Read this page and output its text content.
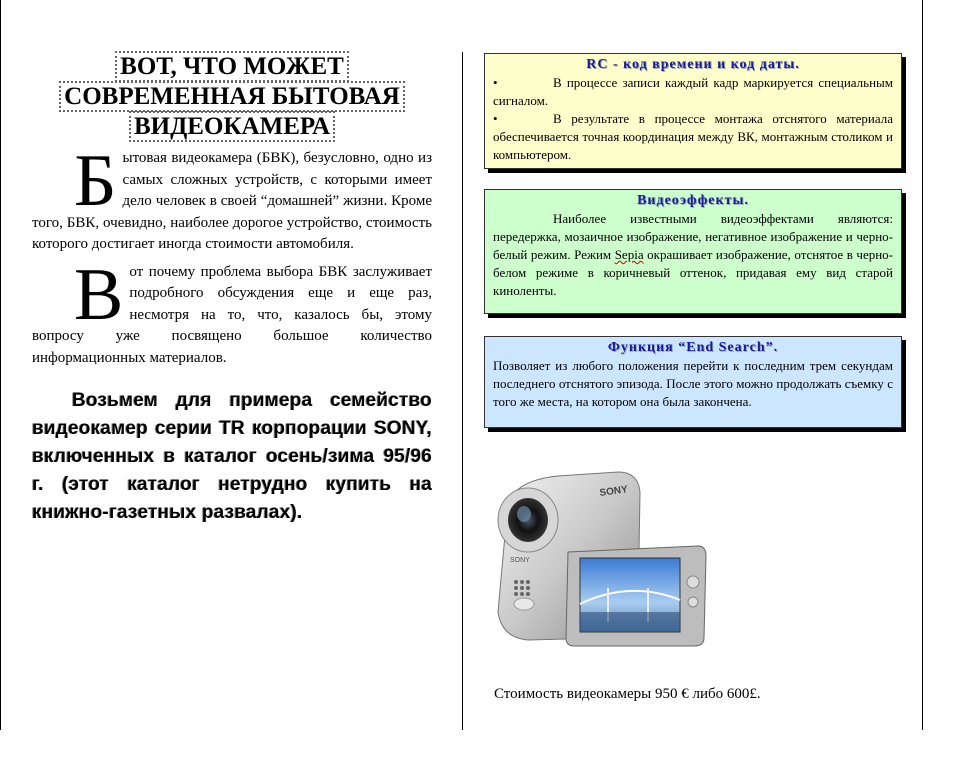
ВОТ, ЧТО МОЖЕТ
СОВРЕМЕННАЯ БЫТОВАЯ
ВИДЕОКАМЕРА

Бытовая видеокамера (БВК), безусловно, одно из самых сложных устройств, с которыми имеет дело человек в своей “домашней” жизни. Кроме того, БВК, очевидно, наиболее дорогое устройство, стоимость которого достигает иногда стоимости автомобиля.

Вот почему проблема выбора БВК заслуживает подробного обсуждения еще и еще раз, несмотря на то, что, казалось бы, этому вопросу уже посвящено большое количество информационных материалов.

Возьмем для примера семейство видеокамер серии TR корпорации SONY, включенных в каталог осень/зима 95/96 г. (этот каталог нетрудно купить на книжно-газетных развалах).
RC - код времени и код даты.
•	В процессе записи каждый кадр маркируется специальным сигналом.
•	В результате в процессе монтажа отснятого материала обеспечивается точная координация между ВК, монтажным столиком и компьютером.
Видеоэффекты.
Наиболее известными видеоэффектами являются: передержка, мозаичное изображение, негативное изображение и черно-белый режим. Режим Sepia окрашивает изображение, отснятое в черно-белом режиме в коричневый оттенок, придавая ему вид старой киноленты.
Функция “End Search”.
Позволяет из любого положения перейти к последним трем секундам последнего отснятого эпизода. После этого можно продолжать съемку с того же места, на котором она была закончена.
SONY
SONY
Стоимость видеокамеры 950 € либо 600£.
